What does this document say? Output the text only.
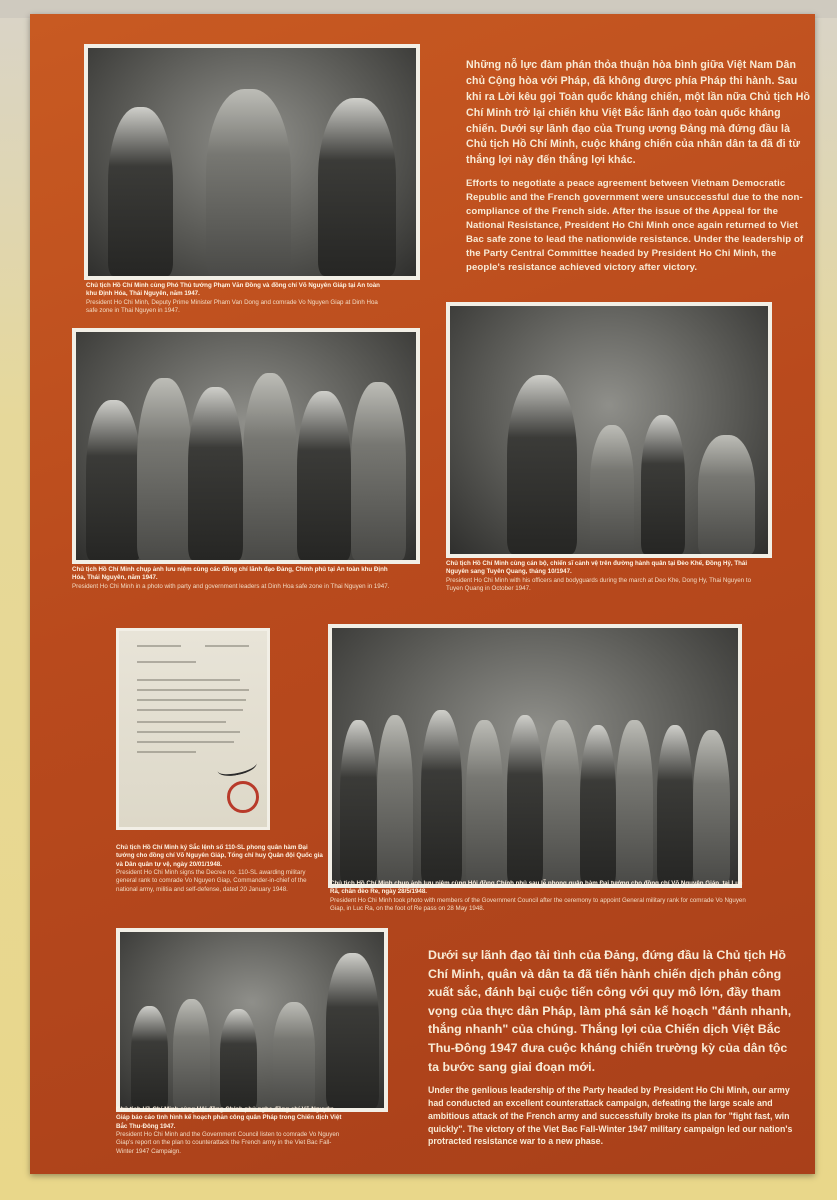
Chủ tịch Hồ Chí Minh cùng Phó Thủ tướng Phạm Văn Đồng và đồng chí Võ Nguyên Giáp tại An toàn khu Định Hóa, Thái Nguyên, năm 1947.
President Ho Chi Minh, Deputy Prime Minister Pham Van Dong and comrade Vo Nguyen Giap at Dinh Hoa safe zone in Thai Nguyen in 1947.
Những nỗ lực đàm phán thỏa thuận hòa bình giữa Việt Nam Dân chủ Cộng hòa với Pháp, đã không được phía Pháp thi hành. Sau khi ra Lời kêu gọi Toàn quốc kháng chiến, một lần nữa Chủ tịch Hồ Chí Minh trở lại chiến khu Việt Bắc lãnh đạo toàn quốc kháng chiến. Dưới sự lãnh đạo của Trung ương Đảng mà đứng đầu là Chủ tịch Hồ Chí Minh, cuộc kháng chiến của nhân dân ta đã đi từ thắng lợi này đến thắng lợi khác.
Efforts to negotiate a peace agreement between Vietnam Democratic Republic and the French government were unsuccessful due to the non-compliance of the French side. After the issue of the Appeal for the National Resistance, President Ho Chi Minh once again returned to Viet Bac safe zone to lead the nationwide resistance. Under the leadership of the Party Central Committee headed by President Ho Chi Minh, the people's resistance achieved victory after victory.
Chủ tịch Hồ Chí Minh chụp ảnh lưu niệm cùng các đồng chí lãnh đạo Đảng, Chính phủ tại An toàn khu Định Hóa, Thái Nguyên, năm 1947.
President Ho Chi Minh in a photo with party and government leaders at Dinh Hoa safe zone in Thai Nguyen in 1947.
Chủ tịch Hồ Chí Minh cùng cán bộ, chiến sĩ cảnh vệ trên đường hành quân tại Đèo Khế, Đồng Hỷ, Thái Nguyên sang Tuyên Quang, tháng 10/1947.
President Ho Chi Minh with his officers and bodyguards during the march at Deo Khe, Dong Hy, Thai Nguyen to Tuyen Quang in October 1947.
Chủ tịch Hồ Chí Minh ký Sắc lệnh số 110-SL phong quân hàm Đại tướng cho đồng chí Võ Nguyên Giáp, Tổng chỉ huy Quân đội Quốc gia và Dân quân tự vệ, ngày 20/01/1948.
President Ho Chi Minh signs the Decree no. 110-SL awarding military general rank to comrade Vo Nguyen Giap, Commander-in-chief of the national army, militia and self-defense, dated 20 January 1948.
Chủ tịch Hồ Chí Minh chụp ảnh lưu niệm cùng Hội đồng Chính phủ sau lễ phong quân hàm Đại tướng cho đồng chí Võ Nguyên Giáp, tại Lục Rã, chân đèo Re, ngày 28/5/1948.
President Ho Chi Minh took photo with members of the Government Council after the ceremony to appoint General military rank for comrade Vo Nguyen Giap, in Luc Ra, on the foot of Re pass on 28 May 1948.
Chủ tịch Hồ Chí Minh cùng Hội đồng Chính phủ nghe đồng chí Võ Nguyên Giáp báo cáo tình hình kế hoạch phản công quân Pháp trong Chiến dịch Việt Bắc Thu-Đông 1947.
President Ho Chi Minh and the Government Council listen to comrade Vo Nguyen Giap's report on the plan to counterattack the French army in the Viet Bac Fall-Winter 1947 Campaign.
Dưới sự lãnh đạo tài tình của Đảng, đứng đầu là Chủ tịch Hồ Chí Minh, quân và dân ta đã tiến hành chiến dịch phản công xuất sắc, đánh bại cuộc tiến công với quy mô lớn, đầy tham vọng của thực dân Pháp, làm phá sản kế hoạch "đánh nhanh, thắng nhanh" của chúng. Thắng lợi của Chiến dịch Việt Bắc Thu-Đông 1947 đưa cuộc kháng chiến trường kỳ của dân tộc ta bước sang giai đoạn mới.
Under the genlious leadership of the Party headed by President Ho Chi Minh, our army had conducted an excellent counterattack campaign, defeating the large scale and ambitious attack of the French army and successfully broke its plan for "fight fast, win quickly". The victory of the Viet Bac Fall-Winter 1947 military campaign led our nation's protracted resistance war to a new phase.
